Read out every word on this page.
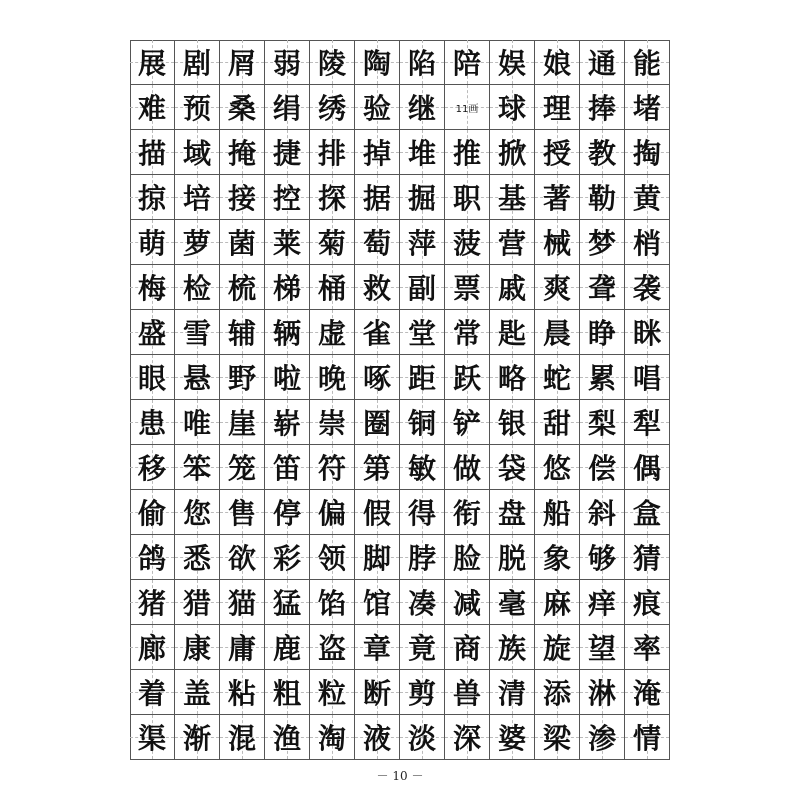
展 剧 屑 弱 陵 陶 陷 陪 娱 娘 通 能
难 预 桑 绢 绣 验 继 11画 球 理 捧 堵
描 域 掩 捷 排 掉 堆 推 掀 授 教 掏
掠 培 接 控 探 据 掘 职 基 著 勒 黄
萌 萝 菌 莱 菊 萄 萍 菠 营 械 梦 梢
梅 检 梳 梯 桶 救 副 票 戚 爽 聋 袭
盛 雪 辅 辆 虚 雀 堂 常 匙 晨 睁 眯
眼 悬 野 啦 晚 啄 距 跃 略 蛇 累 唱
患 唯 崖 崭 崇 圈 铜 铲 银 甜 梨 犁
移 笨 笼 笛 符 第 敏 做 袋 悠 偿 偶
偷 您 售 停 偏 假 得 衔 盘 船 斜 盒
鸽 悉 欲 彩 领 脚 脖 脸 脱 象 够 猜
猪 猎 猫 猛 馅 馆 凑 减 毫 麻 痒 痕
廊 康 庸 鹿 盗 章 竟 商 族 旋 望 率
着 盖 粘 粗 粒 断 剪 兽 清 添 淋 淹
渠 渐 混 渔 淘 液 淡 深 婆 梁 渗 情
－ 10 －
